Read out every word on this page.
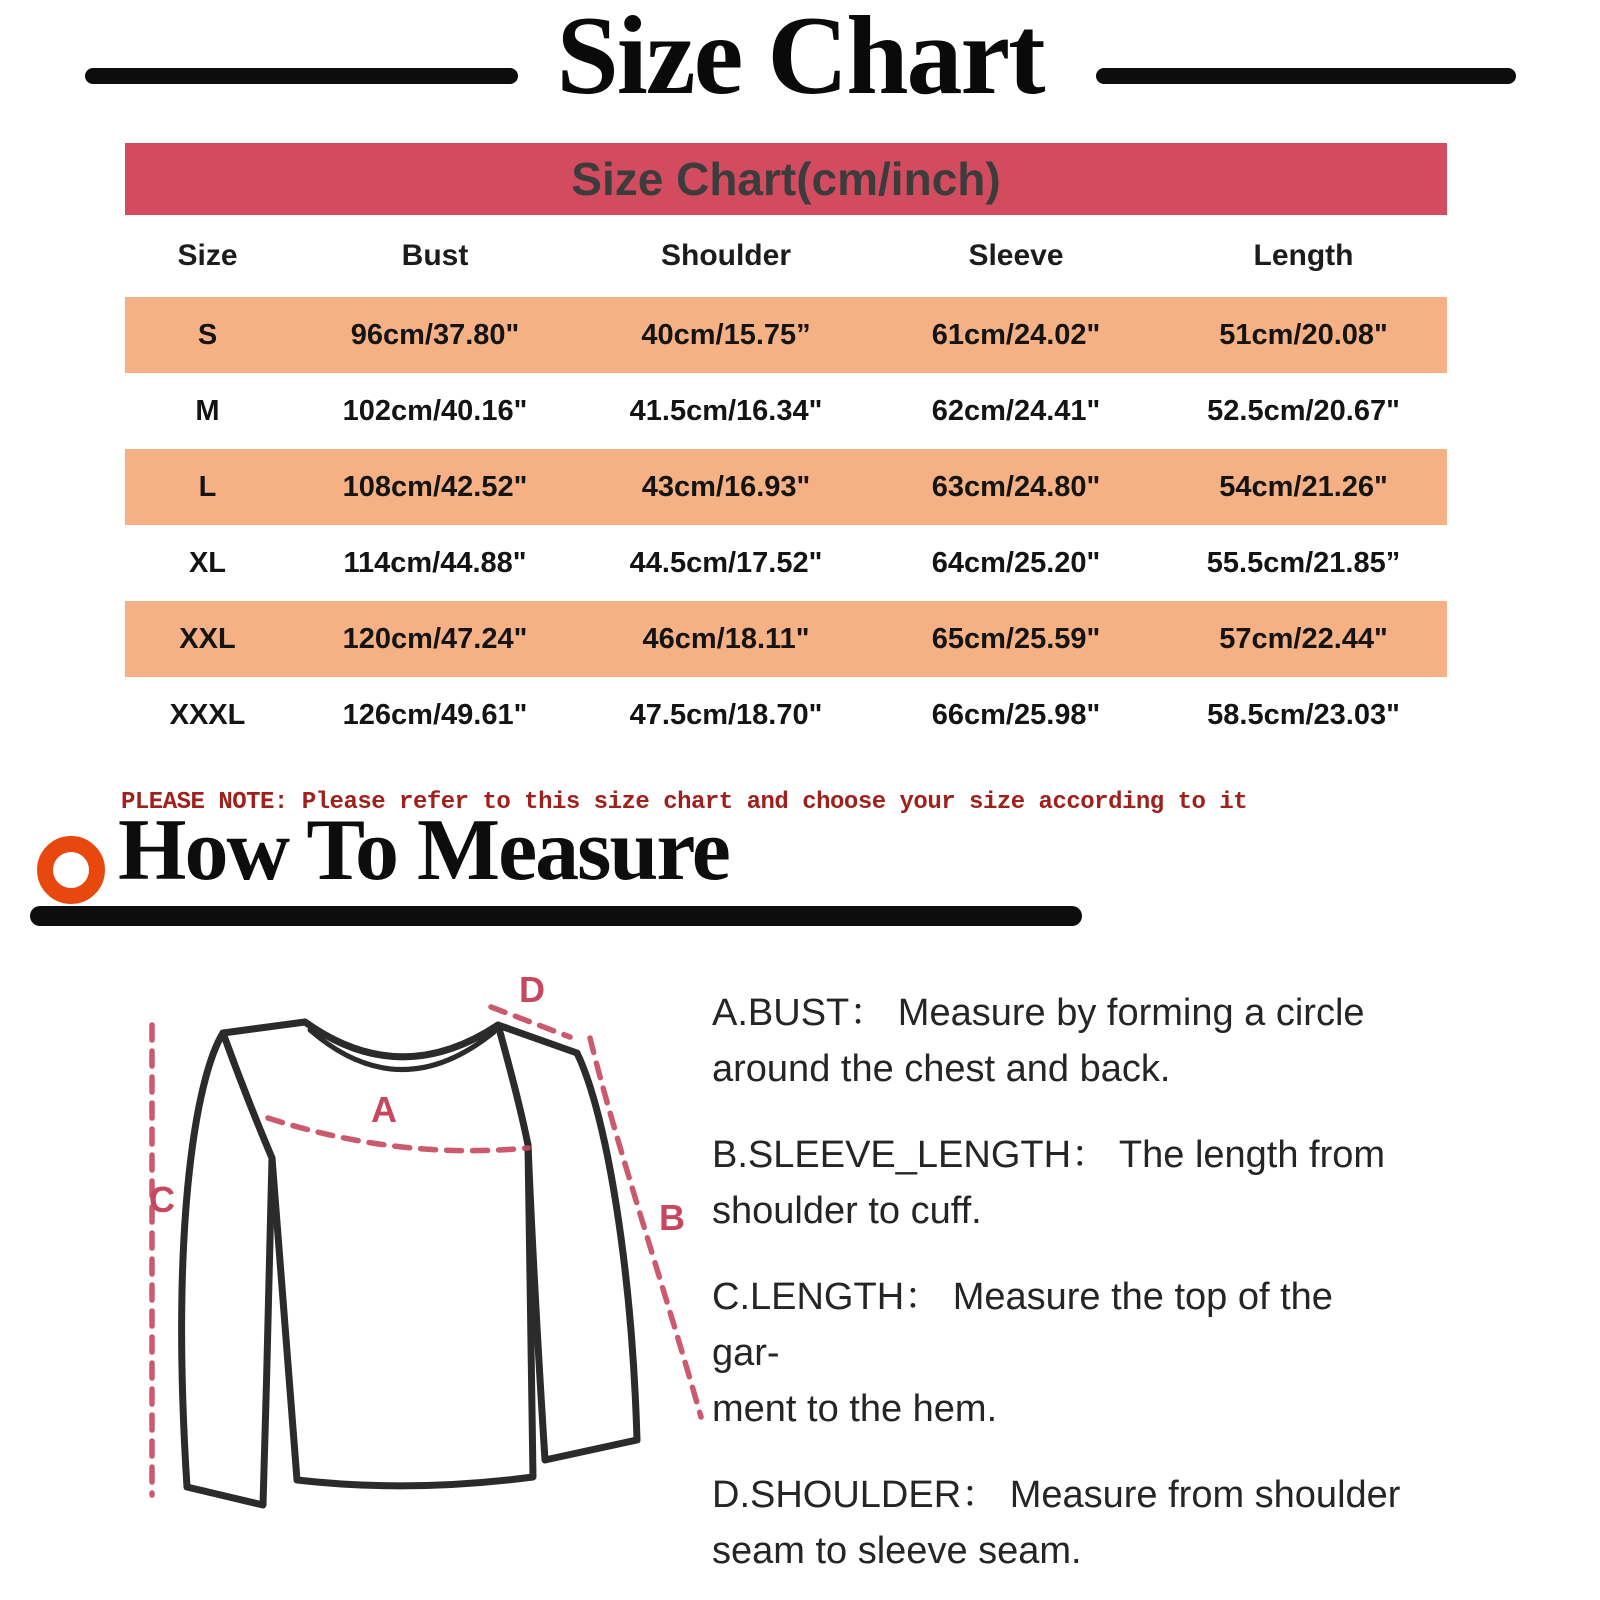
Size Chart
Size Chart(cm/inch)
Size	Bust	Shoulder	Sleeve	Length
S	96cm/37.80"	40cm/15.75”	61cm/24.02"	51cm/20.08"
M	102cm/40.16"	41.5cm/16.34"	62cm/24.41"	52.5cm/20.67"
L	108cm/42.52"	43cm/16.93"	63cm/24.80"	54cm/21.26"
XL	114cm/44.88"	44.5cm/17.52"	64cm/25.20"	55.5cm/21.85”
XXL	120cm/47.24"	46cm/18.11"	65cm/25.59"	57cm/22.44"
XXXL	126cm/49.61"	47.5cm/18.70"	66cm/25.98"	58.5cm/23.03"
PLEASE NOTE: Please refer to this size chart and choose your size according to it
How To Measure
D
A
C	B
A.BUST： Measure by forming a circle
around the chest and back.
B.SLEEVE_LENGTH： The length from
shoulder to cuff.
C.LENGTH： Measure the top of the gar-
ment to the hem.
D.SHOULDER： Measure from shoulder
seam to sleeve seam.
